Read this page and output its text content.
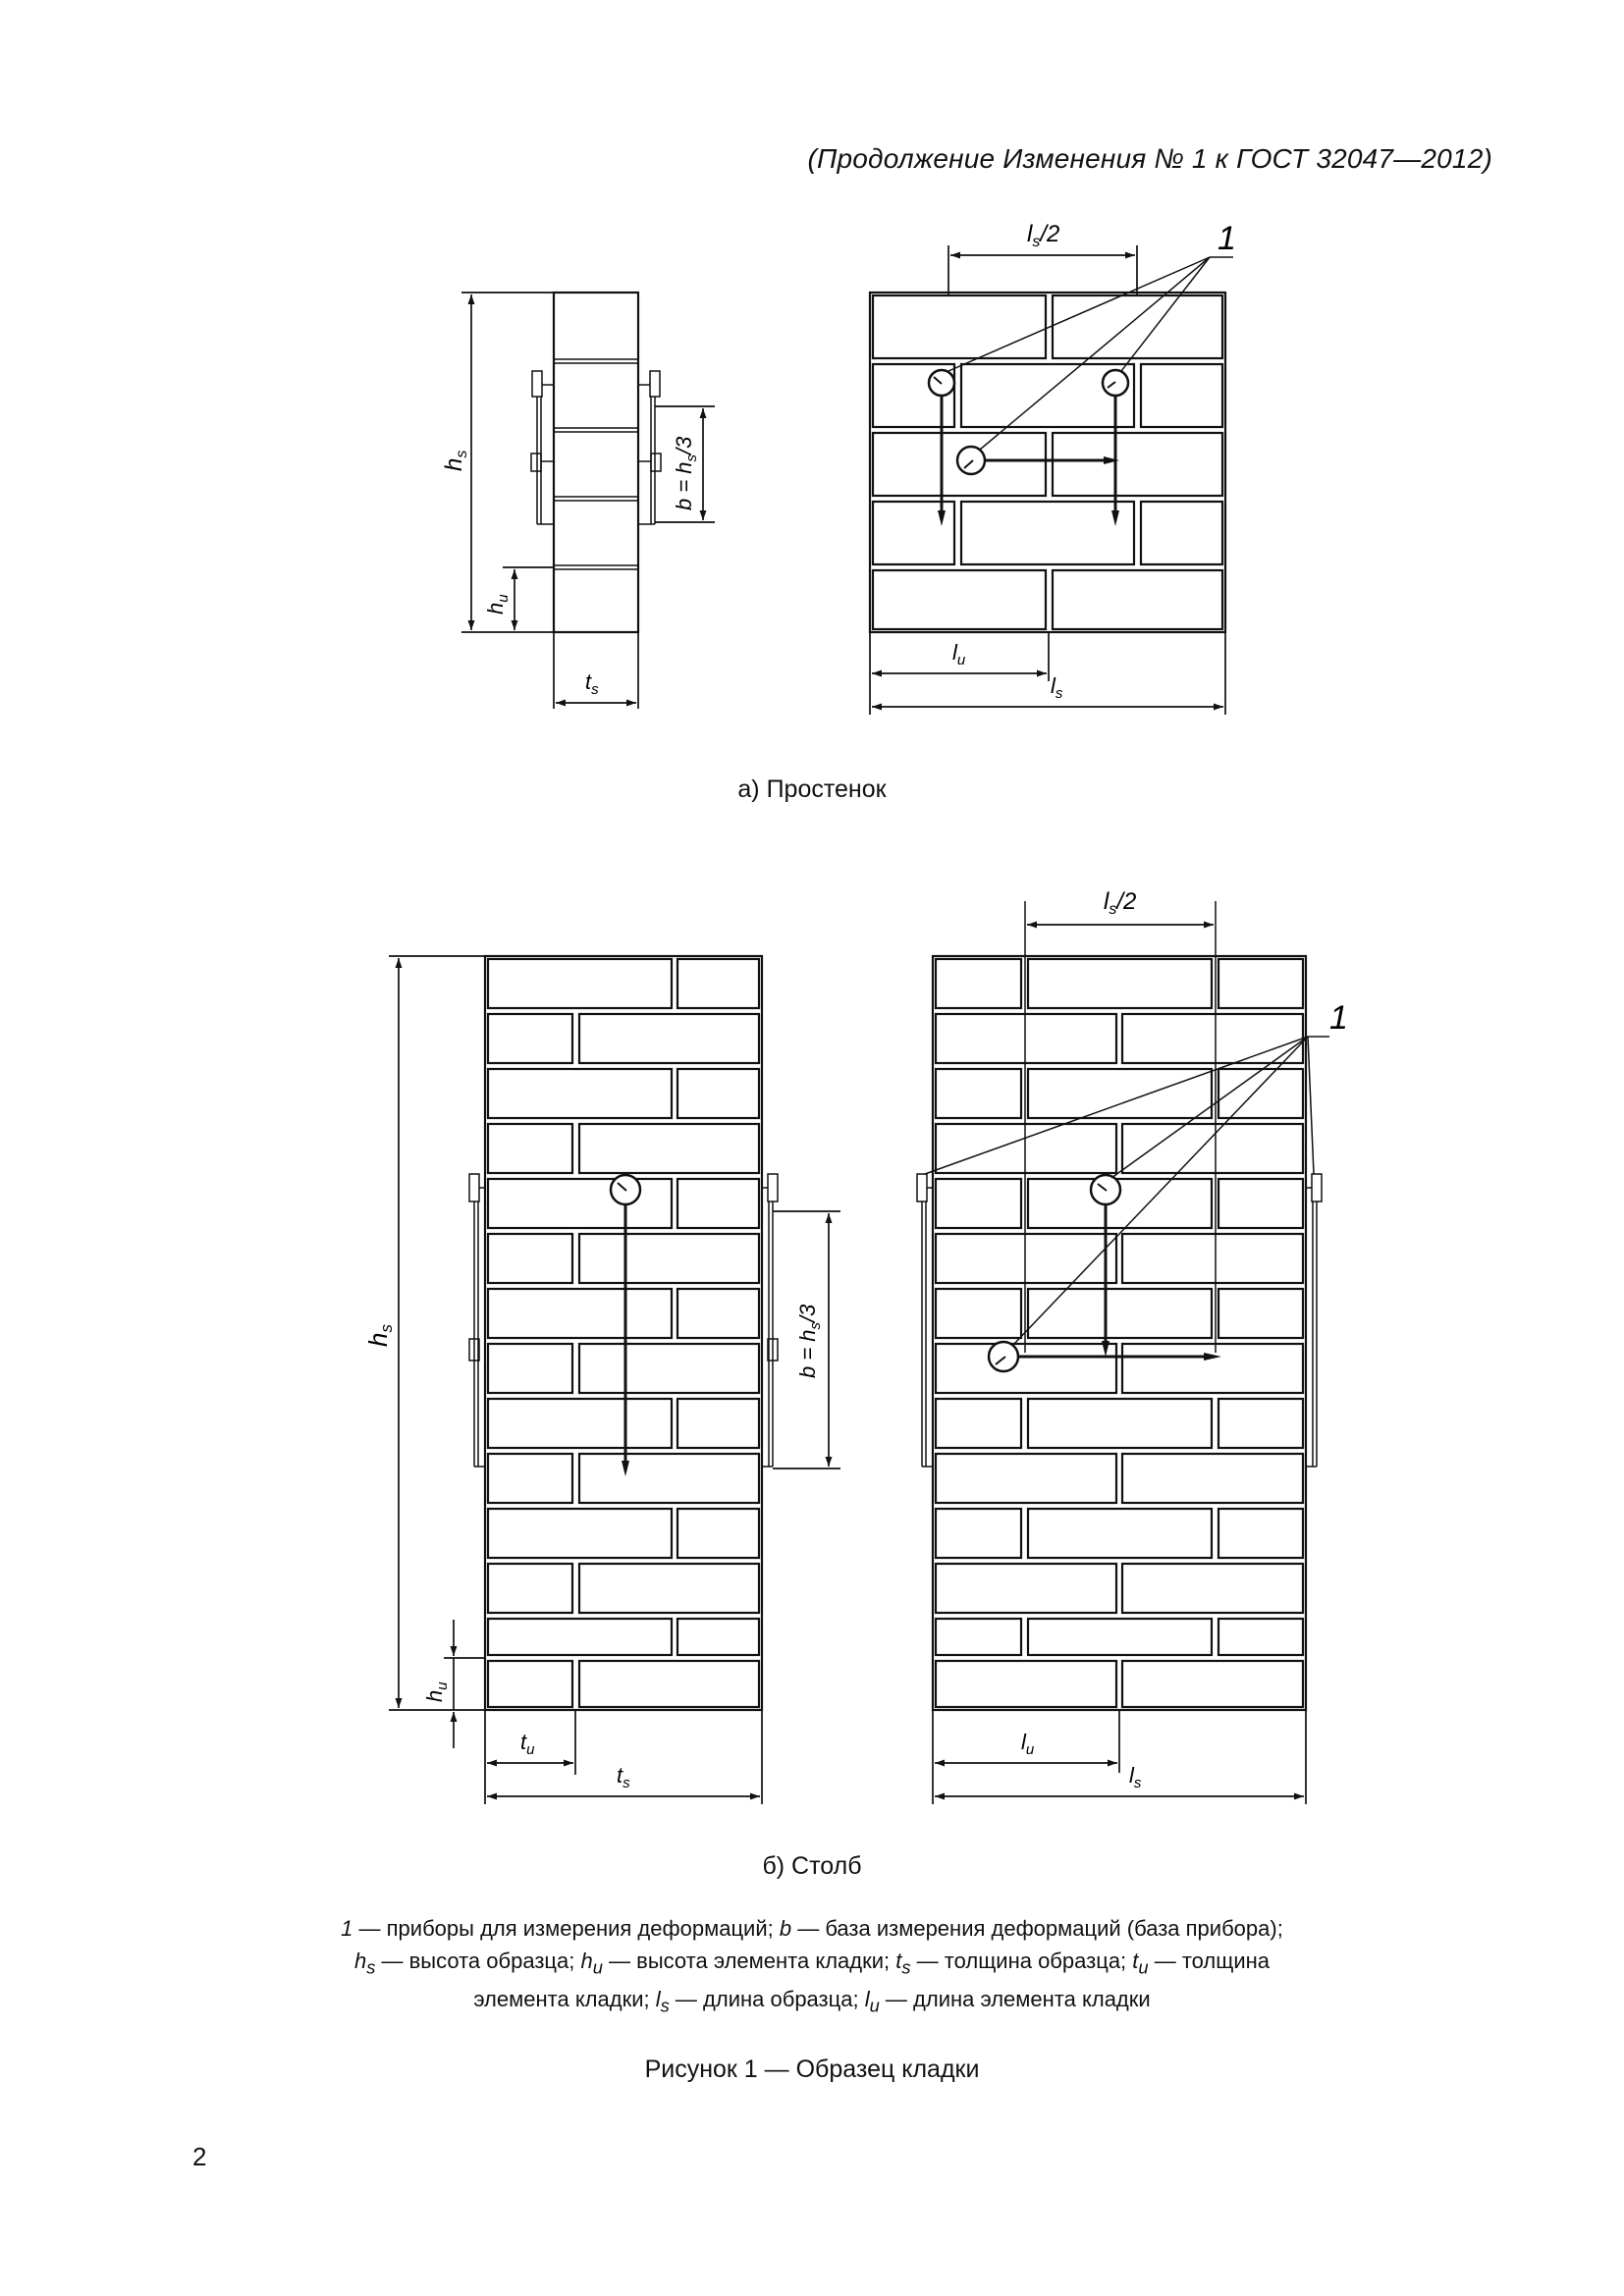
(Продолжение Изменения № 1 к ГОСТ 32047—2012)
$h_s$
$h_u$
$t_s$
$b = h_s/3$
1
$l_s/2$
$l_u$
$l_s$
hs
$h_u$
$t_u$
$t_s$
$b = h_s/3$
1
$l_s/2$
$l_u$
$l_s$
а) Простенок
б) Столб
1 — приборы для измерения деформаций; b — база измерения деформаций (база прибора);
$h_s$ — высота образца; $h_u$ — высота элемента кладки; $t_s$ — толщина образца; $t_u$ — толщина
элемента кладки; $l_s$ — длина образца; $l_u$ — длина элемента кладки
Рисунок 1 — Образец кладки
2
